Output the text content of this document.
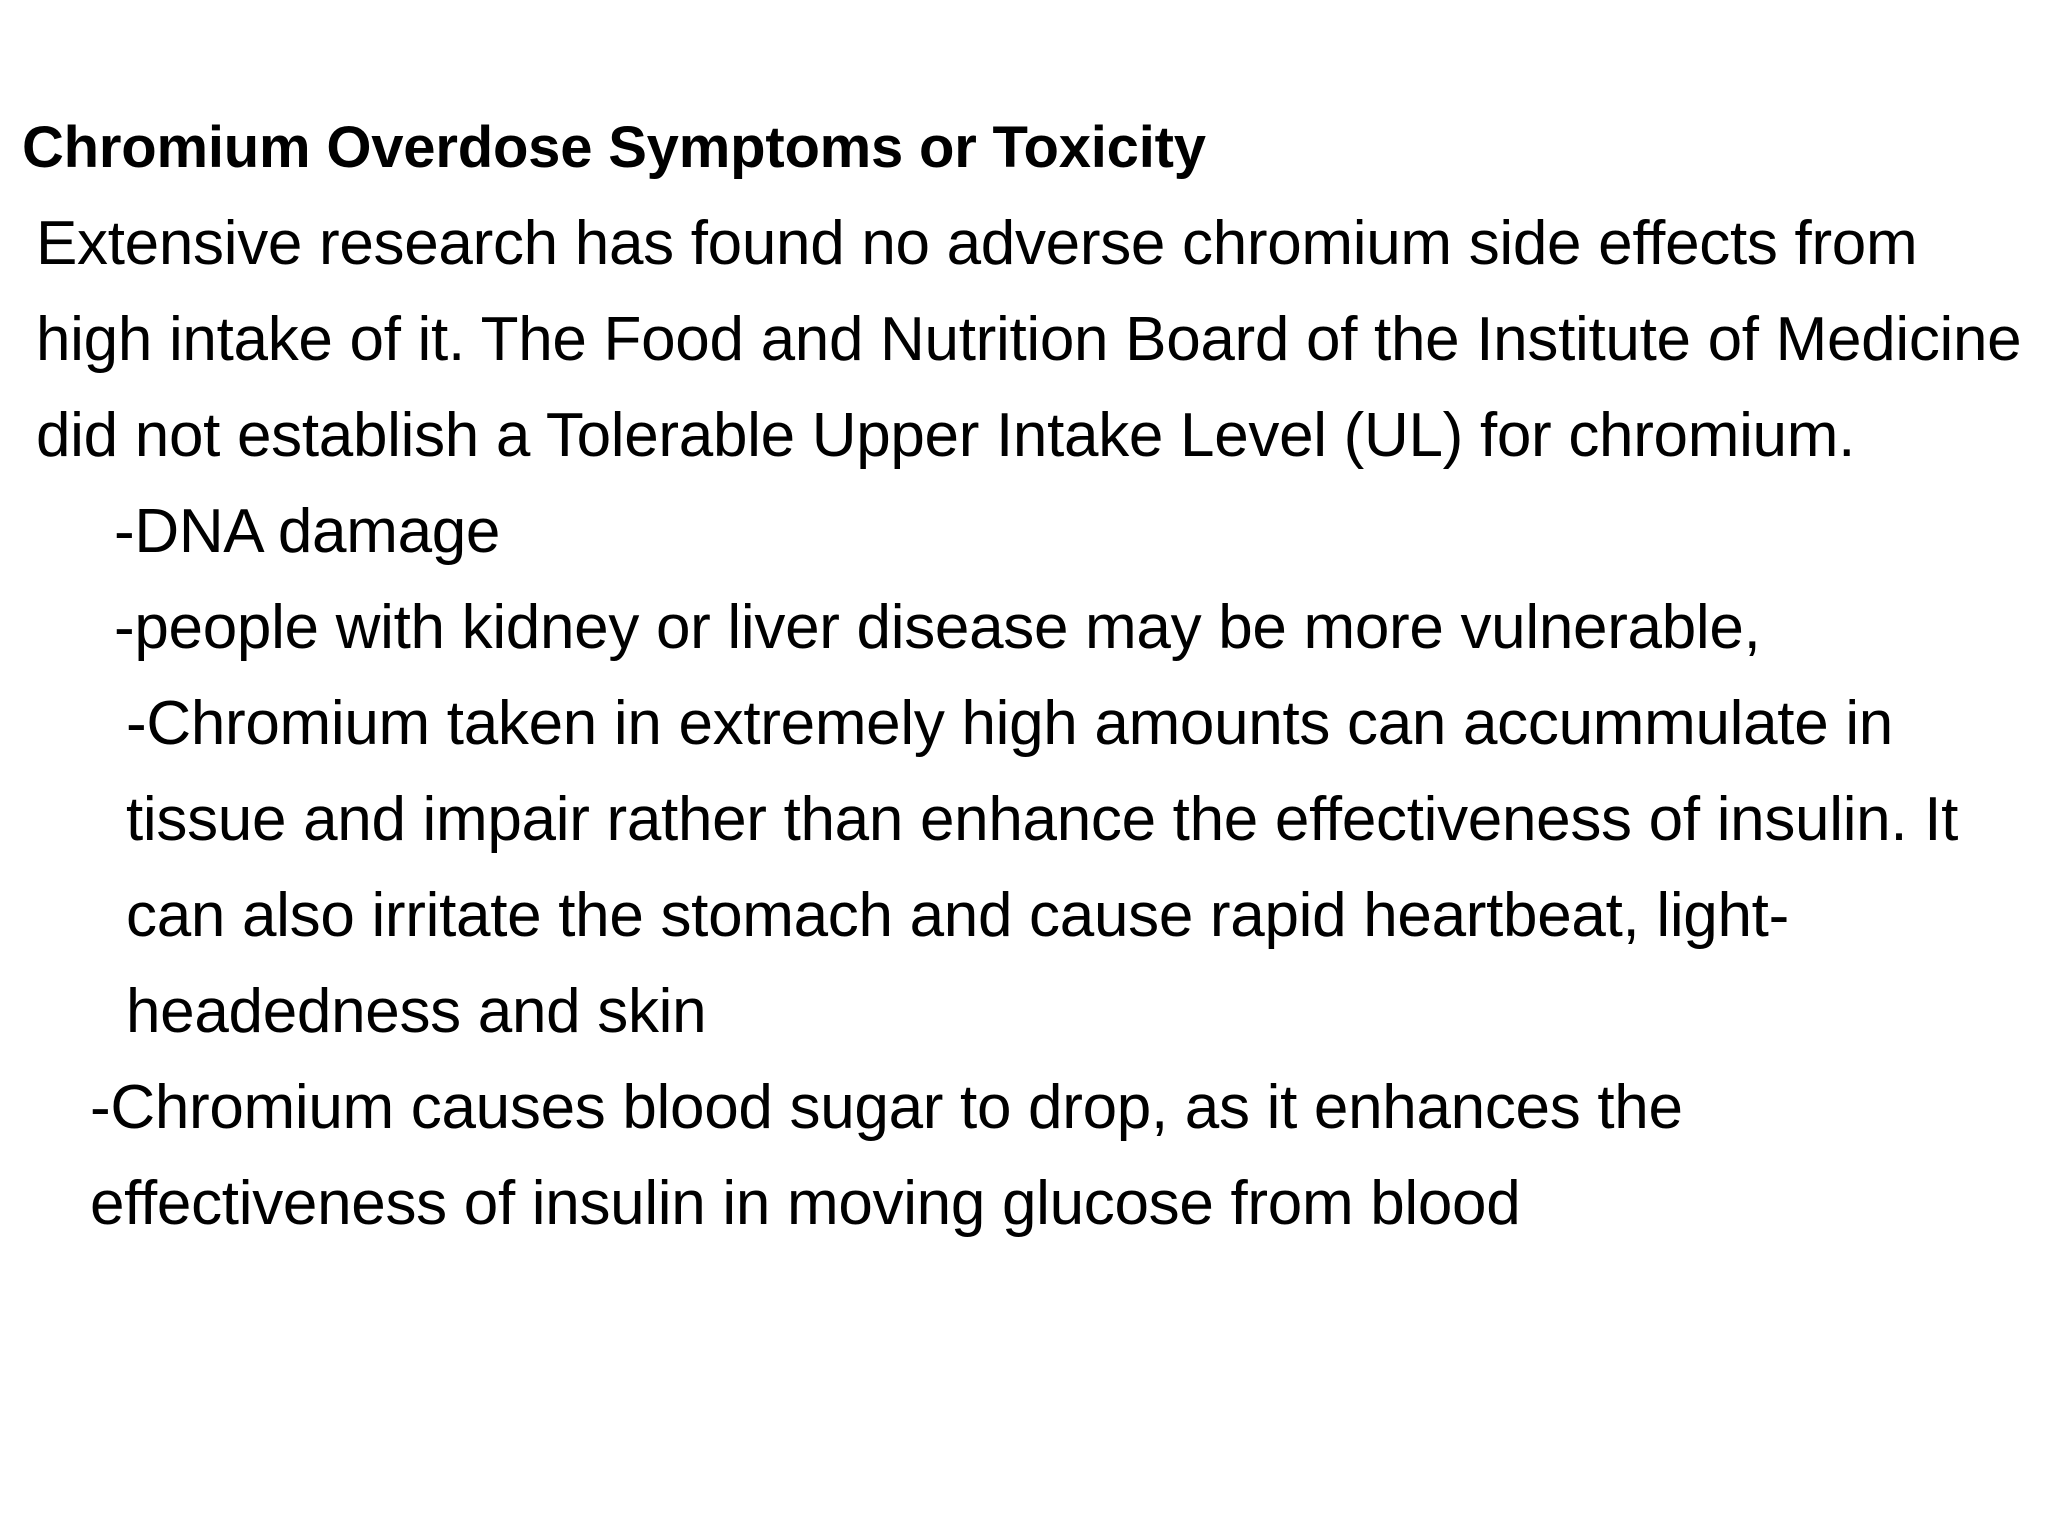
Chromium Overdose Symptoms or Toxicity

Extensive research has found no adverse chromium side effects from high intake of it. The Food and Nutrition Board of the Institute of Medicine did not establish a Tolerable Upper Intake Level (UL) for chromium.

-DNA damage

-people with kidney or liver disease may be more vulnerable,

-Chromium taken in extremely high amounts can accummulate in tissue and impair rather than enhance the effectiveness of insulin. It can also irritate the stomach and cause rapid heartbeat, light-headedness and skin

-Chromium causes blood sugar to drop, as it enhances the effectiveness of insulin in moving glucose from blood
